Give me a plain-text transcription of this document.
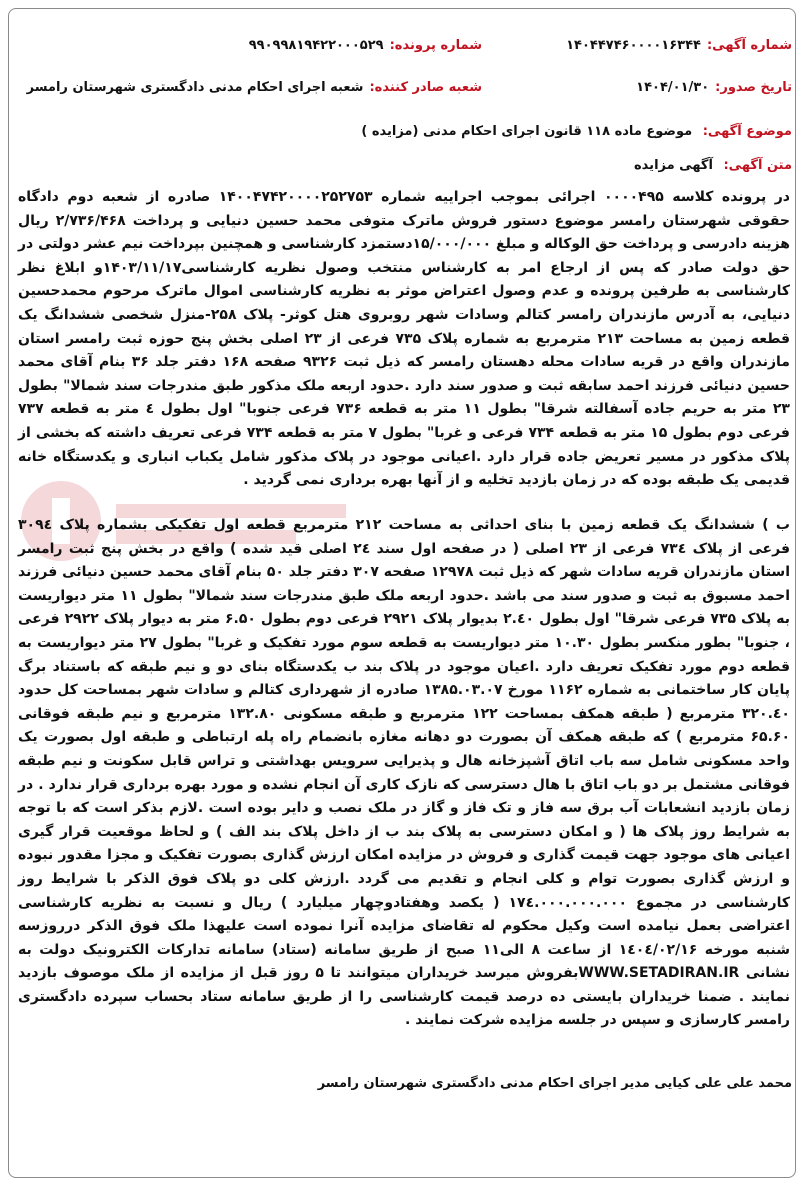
شماره آگهی:
۱۴۰۴۴۷۴۶۰۰۰۰۱۶۳۴۴
شماره پرونده:
۹۹۰۹۹۸۱۹۴۲۲۰۰۰۵۲۹
تاریخ صدور:
۱۴۰۴/۰۱/۳۰
شعبه صادر کننده:
شعبه اجرای احکام مدنی دادگستری شهرستان رامسر
موضوع آگهی: موضوع ماده ۱۱۸ قانون اجرای احکام مدنی (مزایده )
متن آگهی: آگهی مزایده
در پرونده کلاسه ۰۰۰۰۴۹۵ اجرائی بموجب اجراییه شماره ۱۴۰۰۴۷۴۲۰۰۰۰۲۵۲۷۵۳ صادره از شعبه دوم دادگاه حقوقی شهرستان رامسر موضوع دستور فروش ماترک متوفی محمد حسین دنیایی و پرداخت ۲/۷۳۶/۴۶۸ ریال هزینه دادرسی و پرداخت حق الوکاله و مبلغ ۱۵/۰۰۰/۰۰۰دستمزد کارشناسی و همچنین بپرداخت نیم عشر دولتی در حق دولت صادر که پس از ارجاع امر به کارشناس منتخب وصول نظریه کارشناسی۱۴۰۳/۱۱/۱۷و ابلاغ نظر کارشناسی به طرفین پرونده و عدم وصول اعتراض موثر به نظریه کارشناسی اموال ماترک مرحوم محمدحسین دنیایی، به آدرس مازندران رامسر کتالم وسادات شهر روبروی هتل کوثر- پلاک ۲۵۸-منزل شخصی ششدانگ یک قطعه زمین به مساحت ۲۱۳ مترمربع به شماره پلاک ۷۳۵ فرعی از ۲۳ اصلی بخش پنج حوزه ثبت رامسر استان مازندران واقع در قریه سادات محله دهستان رامسر که ذیل ثبت ۹۳۲۶ صفحه ۱۶۸ دفتر جلد ۳۶ بنام آقای محمد حسین دنیائی فرزند احمد سابقه ثبت و صدور سند دارد .حدود اربعه ملک مذکور طبق مندرجات سند شمالا" بطول ۲۳ متر به حریم جاده آسفالته شرقا" بطول ۱۱ متر به قطعه ۷۳۶ فرعی جنوبا" اول بطول ٤ متر به قطعه ۷۳۷ فرعی دوم بطول ۱۵ متر به قطعه ۷۳۴ فرعی و غربا" بطول ۷ متر به قطعه ۷۳۴ فرعی تعریف داشته که بخشی از پلاک مذکور در مسیر تعریض جاده قرار دارد .اعیانی موجود در پلاک مذکور شامل یکباب انباری و یکدستگاه خانه قدیمی یک طبقه بوده که در زمان بازدید تخلیه و از آنها بهره برداری نمی گردید .
ب ) ششدانگ یک قطعه زمین با بنای احداثی به مساحت ۲۱۲ مترمربع قطعه اول تفکیکی بشماره پلاک ۳۰۹٤ فرعی از پلاک ۷۳٤ فرعی از ۲۳ اصلی ( در صفحه اول سند ۲٤ اصلی قید شده ) واقع در بخش پنج ثبت رامسر استان مازندران قریه سادات شهر که ذیل ثبت ۱۲۹۷۸ صفحه ۳۰۷ دفتر جلد ۵۰ بنام آقای محمد حسین دنیائی فرزند احمد مسبوق به ثبت و صدور سند می باشد .حدود اربعه ملک طبق مندرجات سند شمالا" بطول ۱۱ متر دیواریست به پلاک ۷۳۵ فرعی شرقا" اول بطول ۲.٤۰ بدیوار پلاک ۲۹۲۱ فرعی دوم بطول ۶.۵۰ متر به دیوار پلاک ۲۹۲۲ فرعی ، جنوبا" بطور منکسر بطول ۱۰.۳۰ متر دیواریست به قطعه سوم مورد تفکیک و غربا" بطول ۲۷ متر دیواریست به قطعه دوم مورد تفکیک تعریف دارد .اعیان موجود در پلاک بند ب یکدستگاه بنای دو و نیم طبقه که باستناد برگ پایان کار ساختمانی به شماره ۱۱۶۲ مورخ ۱۳۸۵.۰۳.۰۷ صادره از شهرداری کتالم و سادات شهر بمساحت کل حدود ۳۲۰.٤۰ مترمربع ( طبقه همکف بمساحت ۱۲۲ مترمربع و طبقه مسکونی ۱۳۲.۸۰ مترمربع و نیم طبقه فوقانی ۶۵.۶۰ مترمربع ) که طبقه همکف آن بصورت دو دهانه مغازه بانضمام راه پله ارتباطی و طبقه اول بصورت یک واحد مسکونی شامل سه باب اتاق آشپزخانه هال و پذیرایی سرویس بهداشتی و تراس قابل سکونت و نیم طبقه فوقانی مشتمل بر دو باب اتاق با هال دسترسی که نازک کاری آن انجام نشده و مورد بهره برداری قرار ندارد . در زمان بازدید انشعابات آب برق سه فاز و تک فاز و گاز در ملک نصب و دایر بوده است .لازم بذکر است که با توجه به شرایط روز پلاک ها ( و امکان دسترسی به پلاک بند ب از داخل پلاک بند الف ) و لحاظ موقعیت قرار گیری اعیانی های موجود جهت قیمت گذاری و فروش در مزایده امکان ارزش گذاری بصورت تفکیک و مجزا مقدور نبوده و ارزش گذاری بصورت توام و کلی انجام و تقدیم می گردد .ارزش کلی دو پلاک فوق الذکر با شرایط روز کارشناسی در مجموع ۱۷٤.۰۰۰.۰۰۰.۰۰۰ ( یکصد وهفتادوچهار میلیارد ) ریال و نسبت به نظریه کارشناسی اعتراضی بعمل نیامده است وکیل محکوم له تقاضای مزایده آنرا نموده است علیهذا ملک فوق الذکر درروزسه شنبه مورخه ۱٤۰٤/۰۲/۱۶ از ساعت ۸ الی۱۱ صبح از طریق سامانه (ستاد) سامانه تدارکات الکترونیک دولت به نشانی WWW.SETADIRAN.IRبفروش میرسد خریداران میتوانند تا ۵ روز قبل از مزایده از ملک موصوف بازدید نمایند . ضمنا خریداران بایستی ده درصد قیمت کارشناسی را از طریق سامانه ستاد بحساب سپرده دادگستری رامسر کارسازی و سپس در جلسه مزایده شرکت نمایند .
محمد علی علی کیایی مدیر اجرای احکام مدنی دادگستری شهرستان رامسر
